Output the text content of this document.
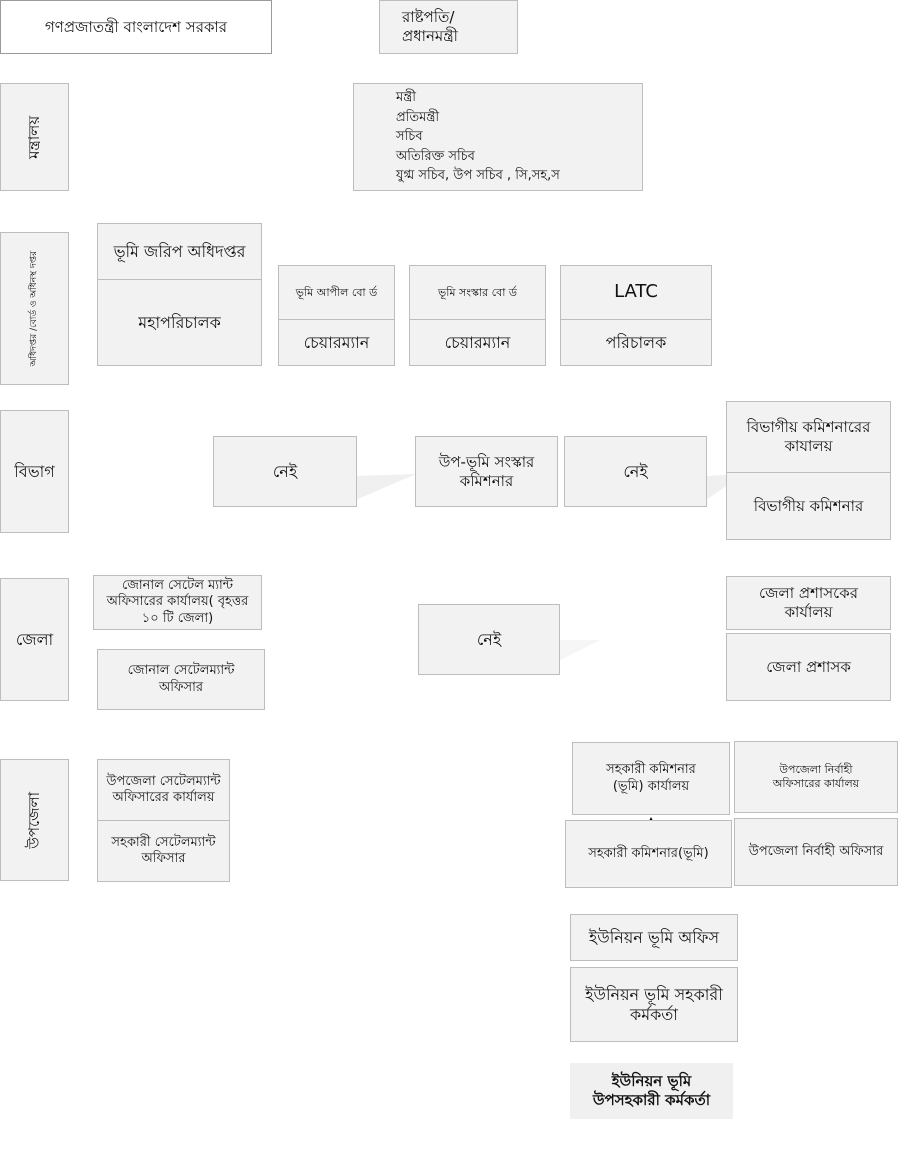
গণপ্রজাতন্ত্রী বাংলাদেশ সরকার
রাষ্টপতি/ প্রধানমন্ত্রী
মন্ত্রালয়
অধিদপ্তর /বোর্ড ও অধিনস্থ দপ্তর
বিভাগ
জেলা
উপজেলা
মন্ত্রী
প্রতিমন্ত্রী
সচিব
অতিরিক্ত সচিব
যুগ্ম সচিব, উপ সচিব , সি,সহ,স
ভূমি জরিপ অধিদপ্তর
মহাপরিচালক
ভূমি আপীল বো র্ড
চেয়ারম্যান
ভূমি সংস্কার বো র্ড
চেয়ারম্যান
LATC
পরিচালক
নেই	উপ-ভূমি সংস্কার কমিশনার	নেই
বিভাগীয় কমিশনারের কাযালয়
বিভাগীয় কমিশনার
জোনাল সেটেল ম্যান্ট অফিসারের কার্যালয়( বৃহত্তর ১০ টি জেলা)
জোনাল সেটেলম্যান্ট অফিসার
নেই
জেলা প্রশাসকের কার্যালয়
জেলা প্রশাসক
উপজেলা সেটেলম্যান্ট অফিসারের কার্যালয়
সহকারী সেটেলম্যান্ট অফিসার
সহকারী কমিশনার (ভূমি) কার্যালয়
সহকারী কমিশনার(ভূমি)
উপজেলা নির্বাহী অফিসারের কার্যালয়
উপজেলা নির্বাহী অফিসার
ইউনিয়ন ভূমি অফিস
ইউনিয়ন ভূমি সহকারী কর্মকর্তা
ইউনিয়ন ভূমি উপসহকারী কর্মকর্তা
